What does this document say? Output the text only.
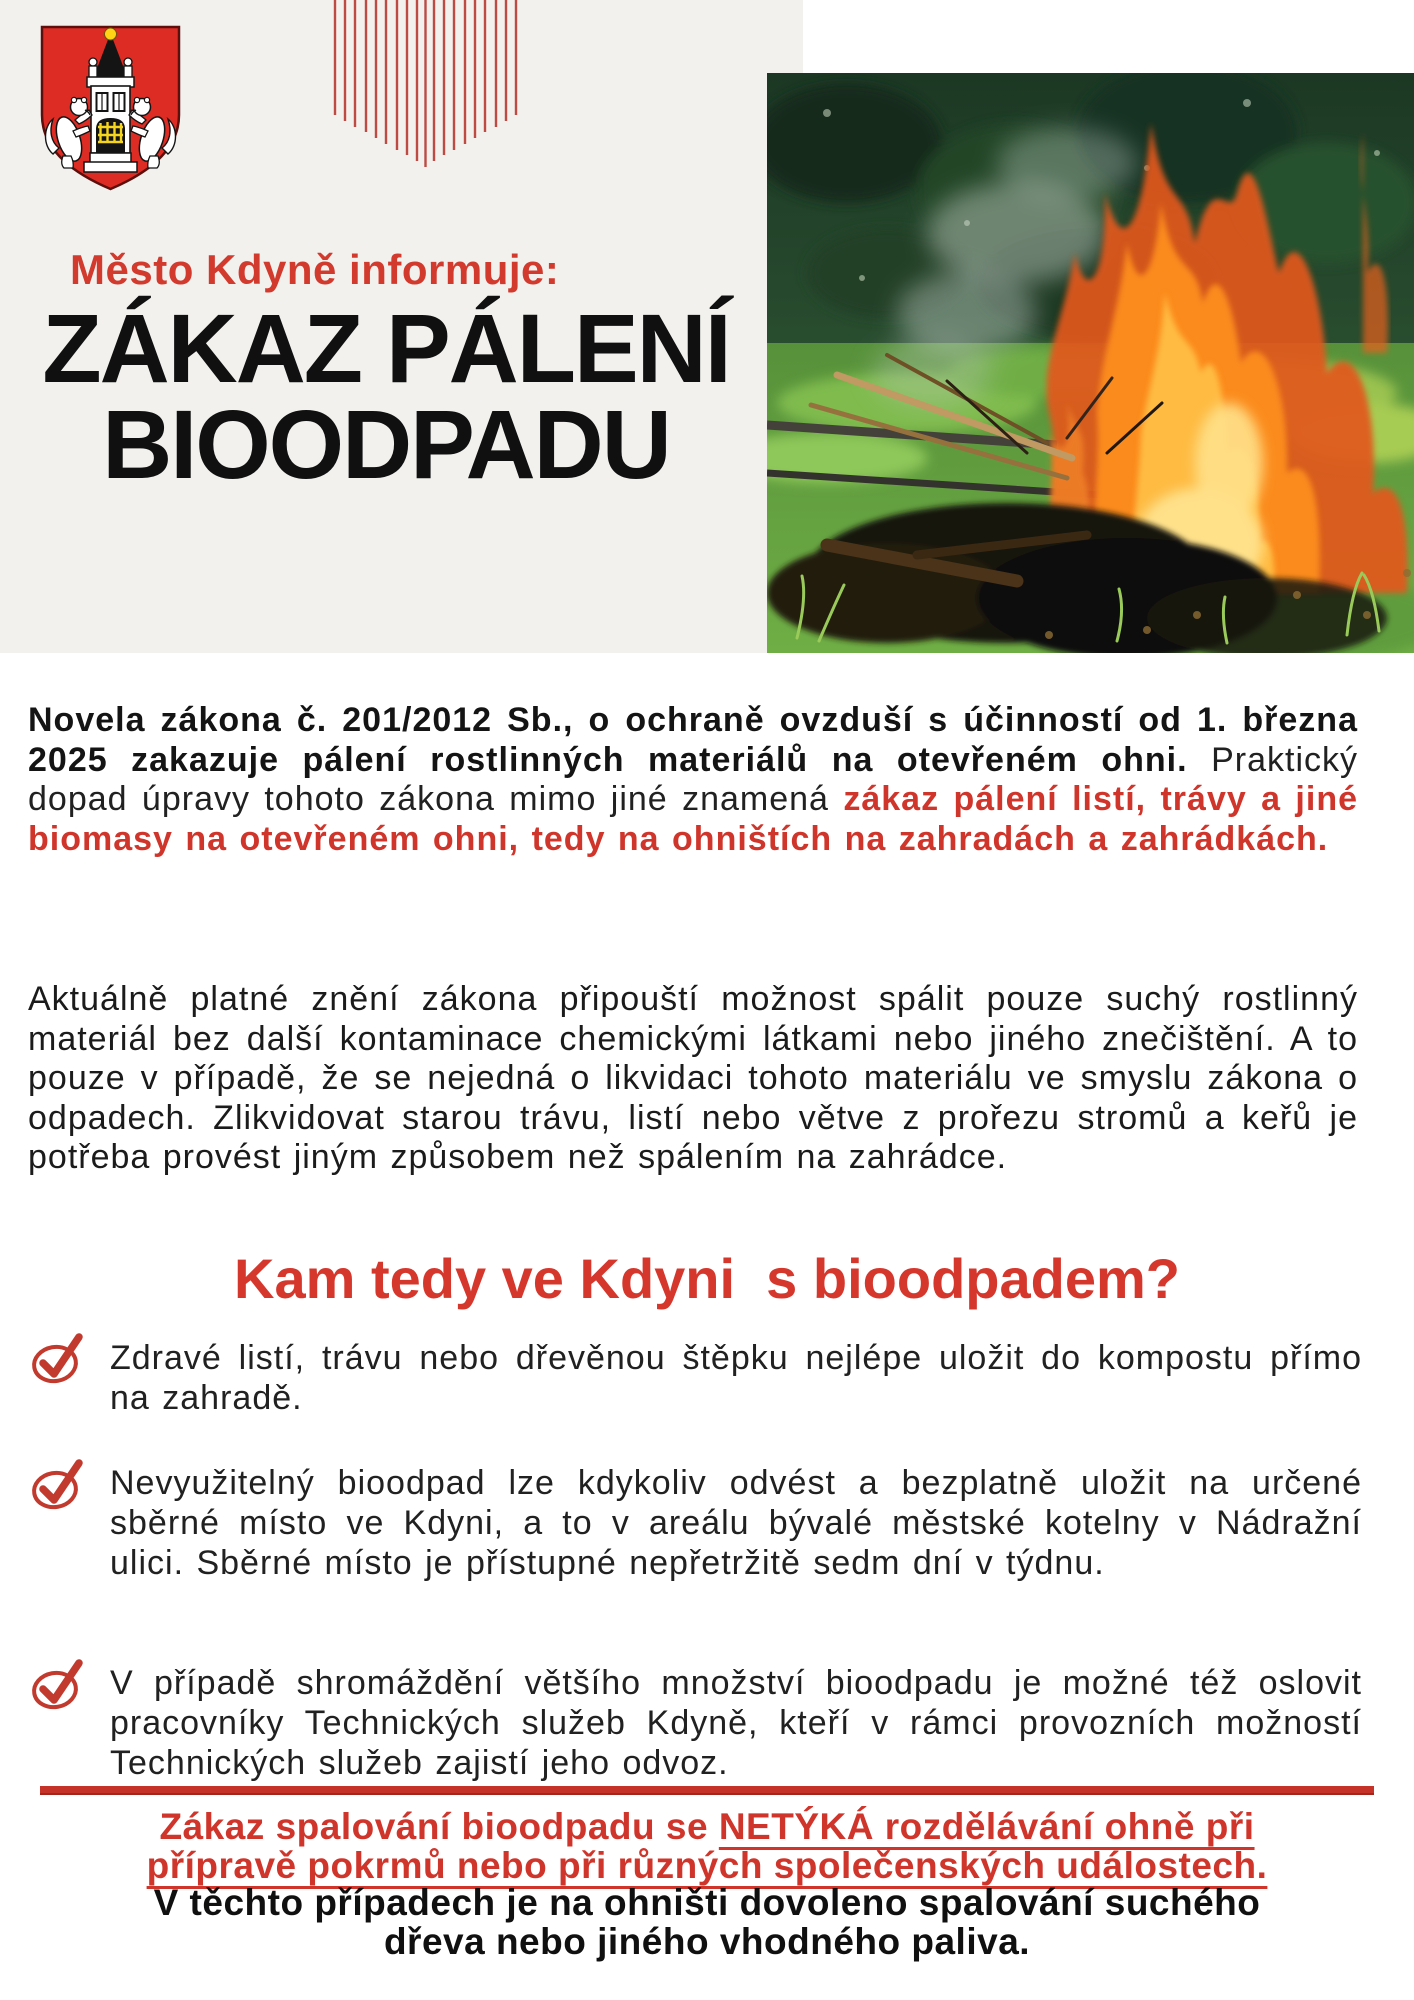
Město Kdyně informuje:
ZÁKAZ PÁLENÍ
BIOODPADU

Novela zákona č. 201/2012 Sb., o ochraně ovzduší s účinností od 1. března 2025 zakazuje pálení rostlinných materiálů na otevřeném ohni. Praktický dopad úpravy tohoto zákona mimo jiné znamená zákaz pálení listí, trávy a jiné biomasy na otevřeném ohni, tedy na ohništích na zahradách a zahrádkách.

Aktuálně platné znění zákona připouští možnost spálit pouze suchý rostlinný materiál bez další kontaminace chemickými látkami nebo jiného znečištění. A to pouze v případě, že se nejedná o likvidaci tohoto materiálu ve smyslu zákona o odpadech. Zlikvidovat starou trávu, listí nebo větve z prořezu stromů a keřů je potřeba provést jiným způsobem než spálením na zahrádce.

Kam tedy ve Kdyni  s bioodpadem?
Zdravé listí, trávu nebo dřevěnou štěpku nejlépe uložit do kompostu přímo na zahradě.
Nevyužitelný bioodpad lze kdykoliv odvést a bezplatně uložit na určené sběrné místo ve Kdyni, a to v areálu bývalé městské kotelny v Nádražní ulici. Sběrné místo je přístupné nepřetržitě sedm dní v týdnu.
V případě shromáždění většího množství bioodpadu je možné též oslovit pracovníky Technických služeb Kdyně, kteří v rámci provozních možností Technických služeb zajistí jeho odvoz.
Zákaz spalování bioodpadu se NETÝKÁ rozdělávání ohně při
přípravě pokrmů nebo při různých společenských událostech.
V těchto případech je na ohništi dovoleno spalování suchého
dřeva nebo jiného vhodného paliva.
